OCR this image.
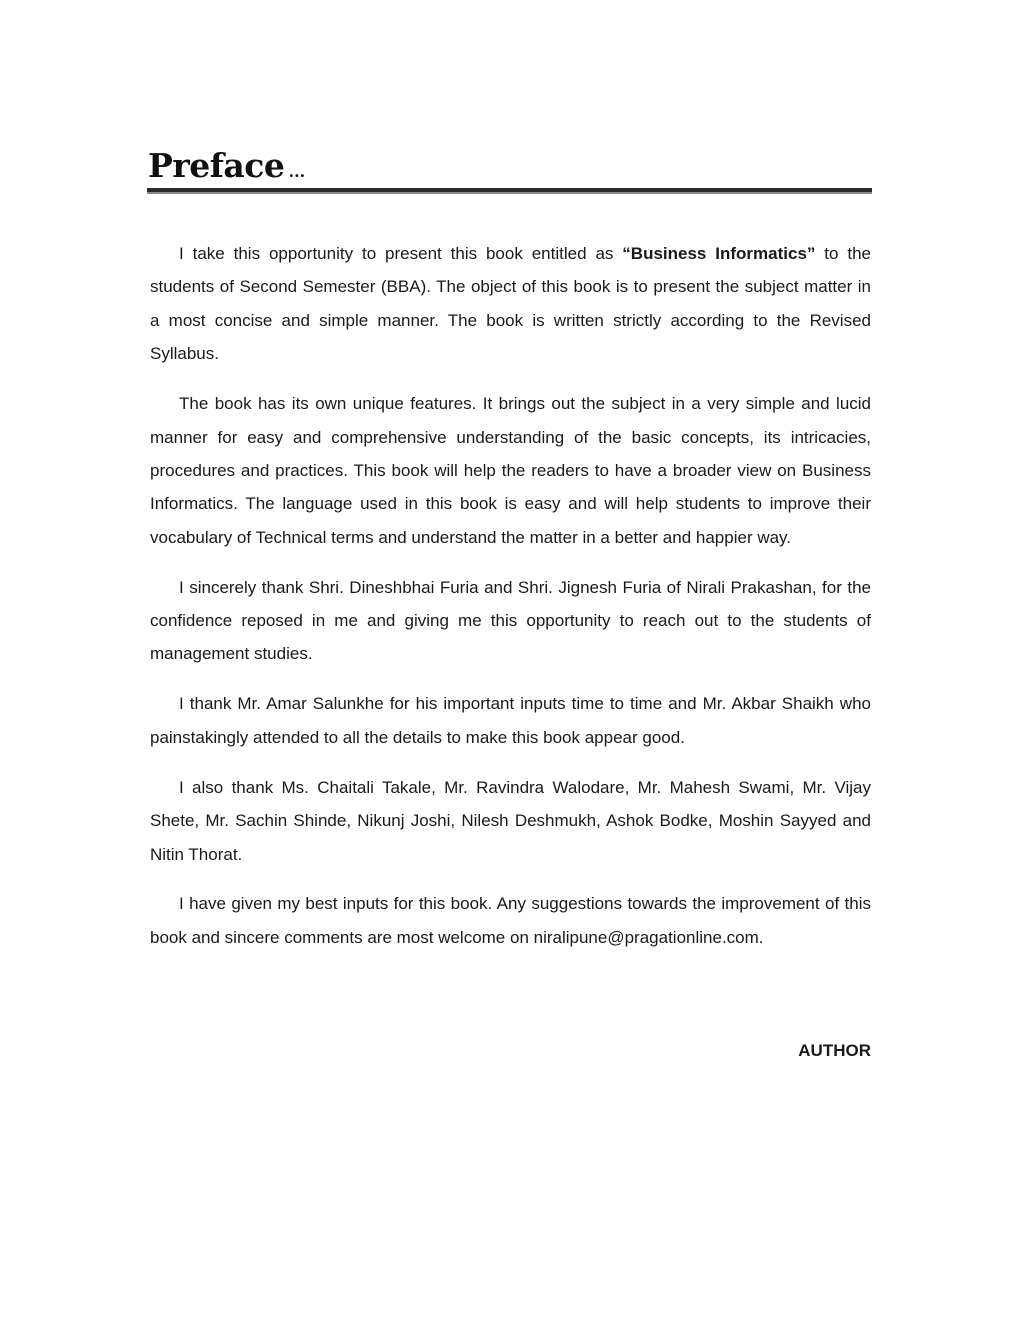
Preface ...

I take this opportunity to present this book entitled as “Business Informatics” to the students of Second Semester (BBA). The object of this book is to present the subject matter in a most concise and simple manner. The book is written strictly according to the Revised Syllabus.

The book has its own unique features. It brings out the subject in a very simple and lucid manner for easy and comprehensive understanding of the basic concepts, its intricacies, procedures and practices. This book will help the readers to have a broader view on Business Informatics. The language used in this book is easy and will help students to improve their vocabulary of Technical terms and understand the matter in a better and happier way.

I sincerely thank Shri. Dineshbhai Furia and Shri. Jignesh Furia of Nirali Prakashan, for the confidence reposed in me and giving me this opportunity to reach out to the students of management studies.

I thank Mr. Amar Salunkhe for his important inputs time to time and Mr. Akbar Shaikh who painstakingly attended to all the details to make this book appear good.

I also thank Ms. Chaitali Takale, Mr. Ravindra Walodare, Mr. Mahesh Swami, Mr. Vijay Shete, Mr. Sachin Shinde, Nikunj Joshi, Nilesh Deshmukh, Ashok Bodke, Moshin Sayyed and Nitin Thorat.

I have given my best inputs for this book. Any suggestions towards the improvement of this book and sincere comments are most welcome on niralipune@pragationline.com.

AUTHOR
